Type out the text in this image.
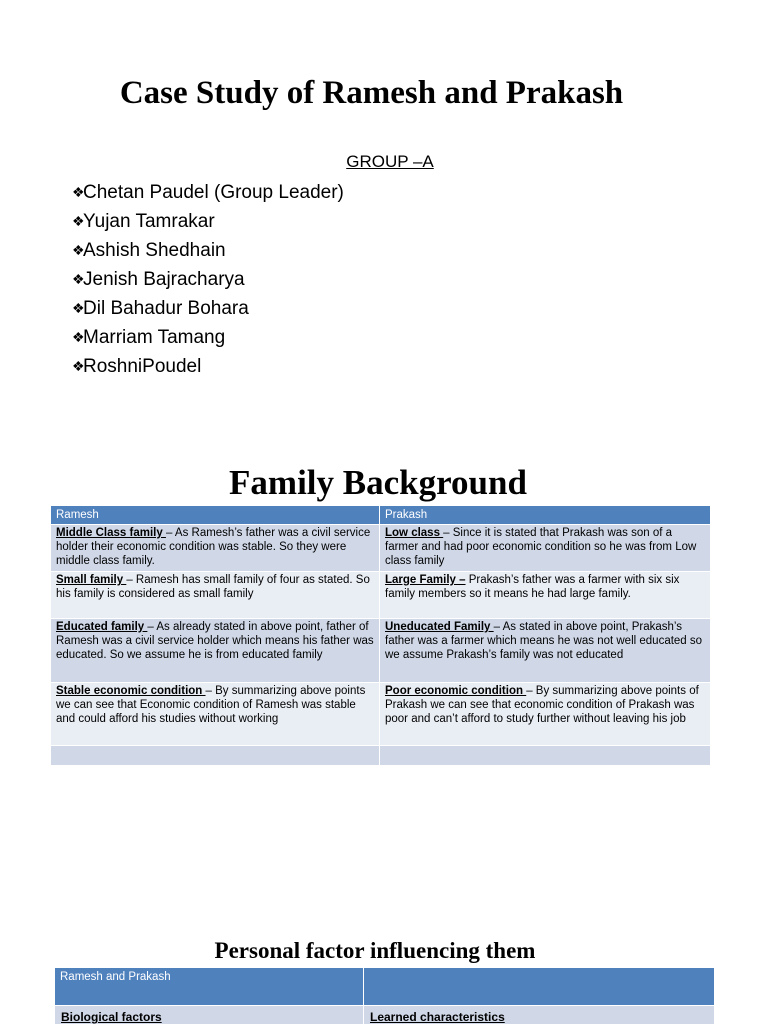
Case Study of Ramesh and Prakash
GROUP –A
❖
Chetan Paudel (Group Leader)
❖
Yujan Tamrakar
❖
Ashish Shedhain
❖
Jenish Bajracharya
❖
Dil Bahadur Bohara
❖
Marriam Tamang
❖
RoshniPoudel
Family Background
Ramesh	Prakash
Middle Class family – As Ramesh’s father was a civil service holder their economic condition was stable. So they were middle class family.	Low class – Since it is stated that Prakash was son of a farmer and had poor economic condition so he was from Low class family
Small family – Ramesh has small family of four as stated. So his family is considered as small family	Large Family – Prakash’s father was a farmer with six six family members so it means he had large family.
Educated family – As already stated in above point, father of Ramesh was a civil service holder which means his father was educated. So we assume he is from educated family	Uneducated Family – As stated in above point, Prakash’s father was a farmer which means he was not well educated so we assume Prakash’s family was not educated
Stable economic condition – By summarizing above points we can see that Economic condition of Ramesh was stable and could afford his studies without working	Poor economic condition – By summarizing above points of Prakash we can see that economic condition of Prakash was poor and can’t afford to study further without leaving his job

Personal factor influencing them
Ramesh and Prakash	
Biological factors	Learned characteristics
